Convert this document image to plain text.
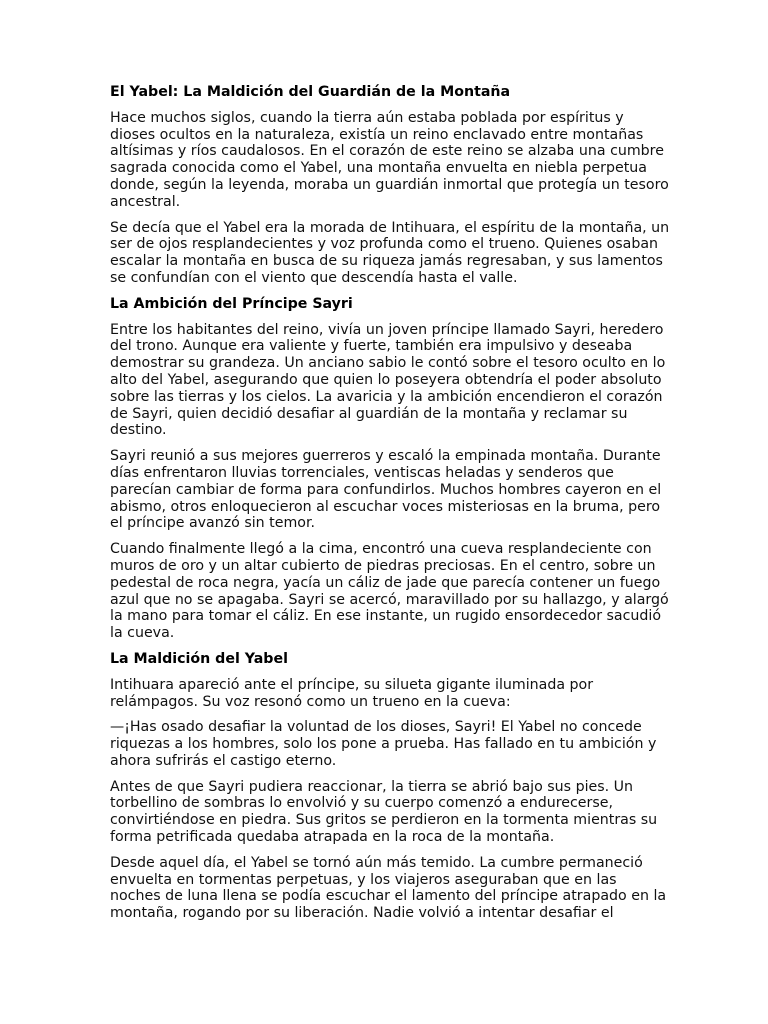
El Yabel: La Maldición del Guardián de la Montaña

Hace muchos siglos, cuando la tierra aún estaba poblada por espíritus y dioses ocultos en la naturaleza, existía un reino enclavado entre montañas altísimas y ríos caudalosos. En el corazón de este reino se alzaba una cumbre sagrada conocida como el Yabel, una montaña envuelta en niebla perpetua donde, según la leyenda, moraba un guardián inmortal que protegía un tesoro ancestral.

Se decía que el Yabel era la morada de Intihuara, el espíritu de la montaña, un ser de ojos resplandecientes y voz profunda como el trueno. Quienes osaban escalar la montaña en busca de su riqueza jamás regresaban, y sus lamentos se confundían con el viento que descendía hasta el valle.

La Ambición del Príncipe Sayri

Entre los habitantes del reino, vivía un joven príncipe llamado Sayri, heredero del trono. Aunque era valiente y fuerte, también era impulsivo y deseaba demostrar su grandeza. Un anciano sabio le contó sobre el tesoro oculto en lo alto del Yabel, asegurando que quien lo poseyera obtendría el poder absoluto sobre las tierras y los cielos. La avaricia y la ambición encendieron el corazón de Sayri, quien decidió desafiar al guardián de la montaña y reclamar su destino.

Sayri reunió a sus mejores guerreros y escaló la empinada montaña. Durante días enfrentaron lluvias torrenciales, ventiscas heladas y senderos que parecían cambiar de forma para confundirlos. Muchos hombres cayeron en el abismo, otros enloquecieron al escuchar voces misteriosas en la bruma, pero el príncipe avanzó sin temor.

Cuando finalmente llegó a la cima, encontró una cueva resplandeciente con muros de oro y un altar cubierto de piedras preciosas. En el centro, sobre un pedestal de roca negra, yacía un cáliz de jade que parecía contener un fuego azul que no se apagaba. Sayri se acercó, maravillado por su hallazgo, y alargó la mano para tomar el cáliz. En ese instante, un rugido ensordecedor sacudió la cueva.

La Maldición del Yabel

Intihuara apareció ante el príncipe, su silueta gigante iluminada por relámpagos. Su voz resonó como un trueno en la cueva:

—¡Has osado desafiar la voluntad de los dioses, Sayri! El Yabel no concede riquezas a los hombres, solo los pone a prueba. Has fallado en tu ambición y ahora sufrirás el castigo eterno.

Antes de que Sayri pudiera reaccionar, la tierra se abrió bajo sus pies. Un torbellino de sombras lo envolvió y su cuerpo comenzó a endurecerse, convirtiéndose en piedra. Sus gritos se perdieron en la tormenta mientras su forma petrificada quedaba atrapada en la roca de la montaña.

Desde aquel día, el Yabel se tornó aún más temido. La cumbre permaneció envuelta en tormentas perpetuas, y los viajeros aseguraban que en las noches de luna llena se podía escuchar el lamento del príncipe atrapado en la montaña, rogando por su liberación. Nadie volvió a intentar desafiar el
